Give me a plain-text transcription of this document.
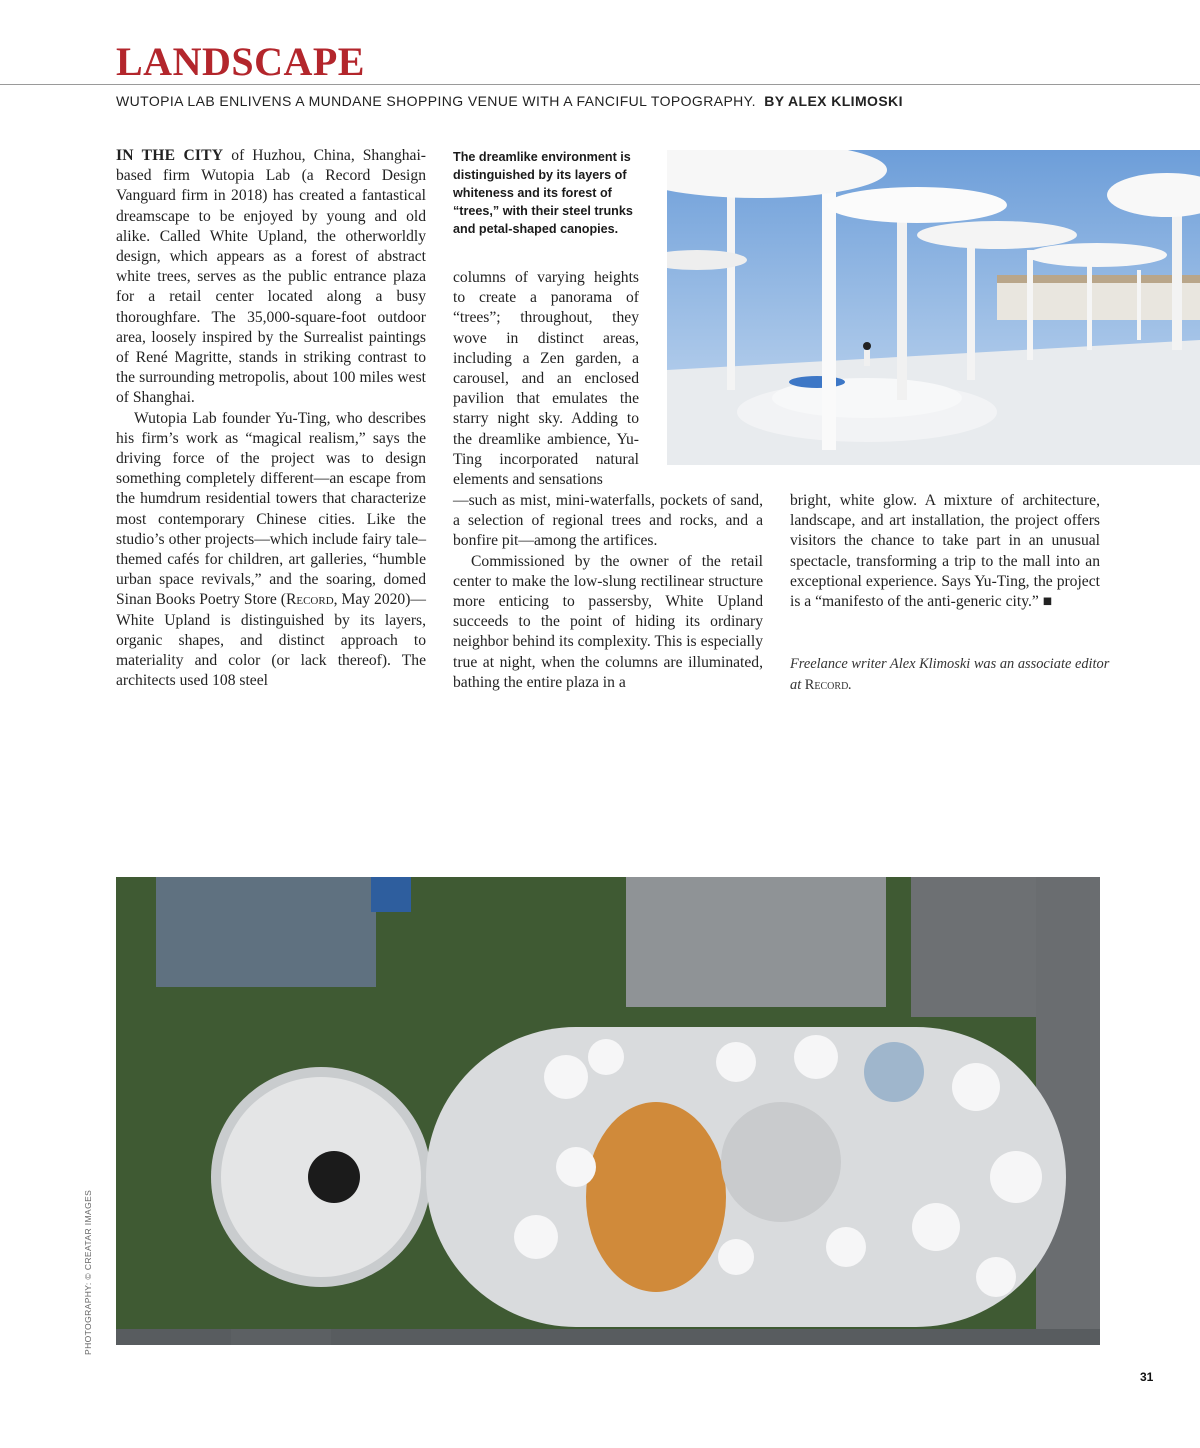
LANDSCAPE
WUTOPIA LAB ENLIVENS A MUNDANE SHOPPING VENUE WITH A FANCIFUL TOPOGRAPHY. BY ALEX KLIMOSKI

IN THE CITY of Huzhou, China, Shanghai-based firm Wutopia Lab (a Record Design Vanguard firm in 2018) has created a fantastical dreamscape to be enjoyed by young and old alike. Called White Upland, the otherworldly design, which appears as a forest of abstract white trees, serves as the public entrance plaza for a retail center located along a busy thoroughfare. The 35,000-square-foot outdoor area, loosely inspired by the Surrealist paintings of René Magritte, stands in striking contrast to the surrounding metropolis, about 100 miles west of Shanghai.

Wutopia Lab founder Yu-Ting, who describes his firm’s work as “magical realism,” says the driving force of the project was to design something completely different—an escape from the humdrum residential towers that characterize most contemporary Chinese cities. Like the studio’s other projects—which include fairy tale–themed cafés for children, art galleries, “humble urban space revivals,” and the soaring, domed Sinan Books Poetry Store (Record, May 2020)—White Upland is distinguished by its layers, organic shapes, and distinct approach to materiality and color (or lack thereof). The architects used 108 steel

The dreamlike environment is distinguished by its layers of whiteness and its forest of “trees,” with their steel trunks and petal-shaped canopies.

columns of varying heights to create a panorama of “trees”; throughout, they wove in distinct areas, including a Zen garden, a carousel, and an enclosed pavilion that emulates the starry night sky. Adding to the dreamlike ambience, Yu-Ting incorporated natural elements and sensations

—such as mist, mini-waterfalls, pockets of sand, a selection of regional trees and rocks, and a bonfire pit—among the artifices.

Commissioned by the owner of the retail center to make the low-slung rectilinear structure more enticing to passersby, White Upland succeeds to the point of hiding its ordinary neighbor behind its complexity. This is especially true at night, when the columns are illuminated, bathing the entire plaza in a

bright, white glow. A mixture of architecture, landscape, and art installation, the project offers visitors the chance to take part in an unusual spectacle, transforming a trip to the mall into an exceptional experience. Says Yu-Ting, the project is a “manifesto of the anti-generic city.” ■

Freelance writer Alex Klimoski was an associate editor at Record.
PHOTOGRAPHY: © CREATAR IMAGES
31
